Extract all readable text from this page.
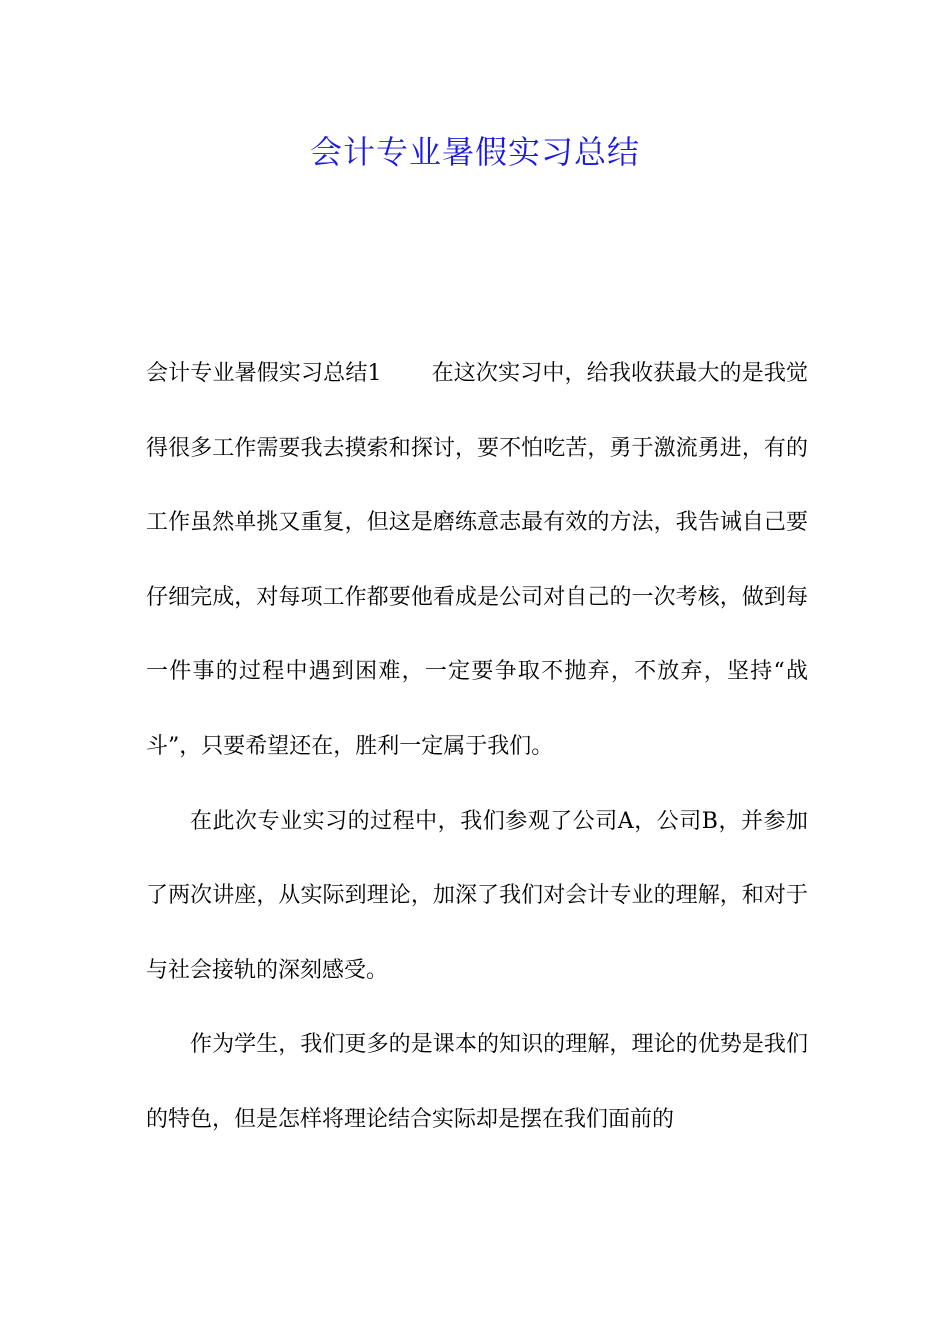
会计专业暑假实习总结

会计专业暑假实习总结1 在这次实习中，给我收获最大的是我觉得很多工作需要我去摸索和探讨，要不怕吃苦，勇于激流勇进，有的工作虽然单挑又重复，但这是磨练意志最有效的方法，我告诫自己要仔细完成，对每项工作都要他看成是公司对自己的一次考核，做到每一件事的过程中遇到困难，一定要争取不抛弃，不放弃，坚持“战斗”，只要希望还在，胜利一定属于我们。

在此次专业实习的过程中，我们参观了公司A，公司B，并参加了两次讲座，从实际到理论，加深了我们对会计专业的理解，和对于与社会接轨的深刻感受。

作为学生，我们更多的是课本的知识的理解，理论的优势是我们的特色，但是怎样将理论结合实际却是摆在我们面前的
